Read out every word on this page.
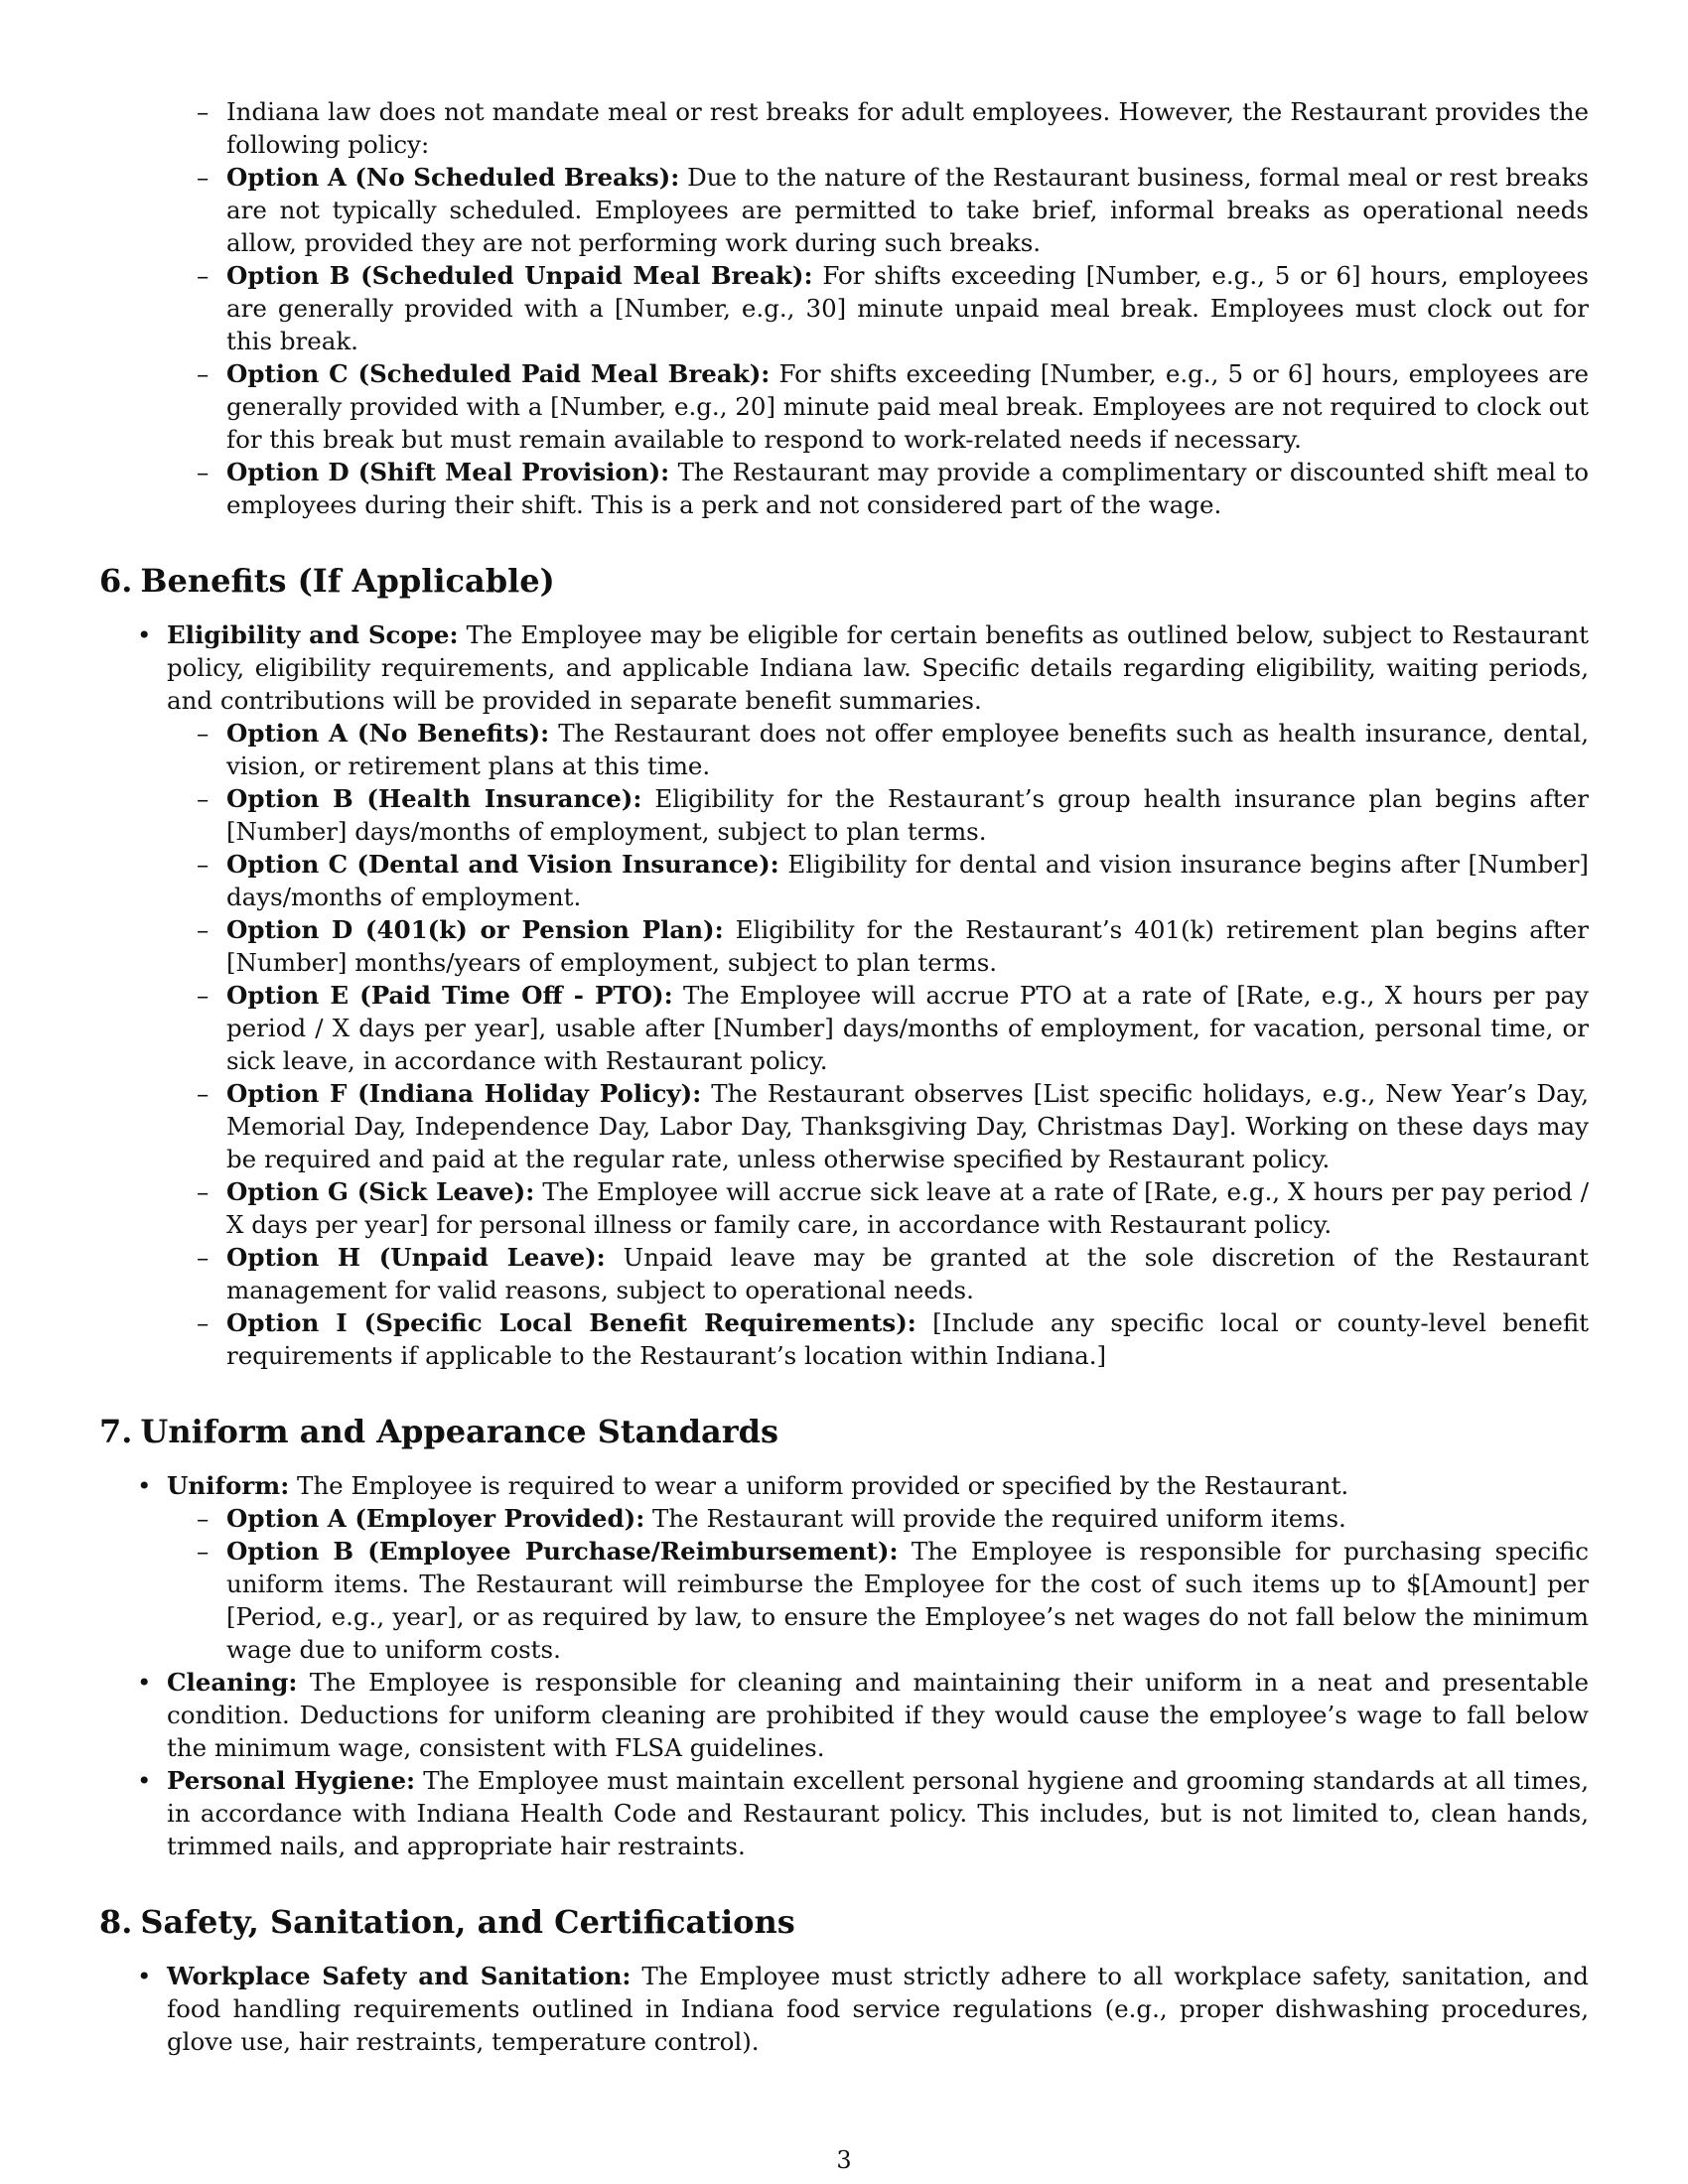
– Indiana law does not mandate meal or rest breaks for adult employees. However, the Restaurant provides the following policy:

– Option A (No Scheduled Breaks): Due to the nature of the Restaurant business, formal meal or rest breaks are not typically scheduled. Employees are permitted to take brief, informal breaks as operational needs allow, provided they are not performing work during such breaks.

– Option B (Scheduled Unpaid Meal Break): For shifts exceeding [Number, e.g., 5 or 6] hours, employees are generally provided with a [Number, e.g., 30] minute unpaid meal break. Employees must clock out for this break.

– Option C (Scheduled Paid Meal Break): For shifts exceeding [Number, e.g., 5 or 6] hours, employees are generally provided with a [Number, e.g., 20] minute paid meal break. Employees are not required to clock out for this break but must remain available to respond to work-related needs if necessary.

– Option D (Shift Meal Provision): The Restaurant may provide a complimentary or discounted shift meal to employees during their shift. This is a perk and not considered part of the wage.

6. Benefits (If Applicable)

• Eligibility and Scope: The Employee may be eligible for certain benefits as outlined below, subject to Restaurant policy, eligibility requirements, and applicable Indiana law. Specific details regarding eligibility, waiting periods, and contributions will be provided in separate benefit summaries.

– Option A (No Benefits): The Restaurant does not offer employee benefits such as health insurance, dental, vision, or retirement plans at this time.

– Option B (Health Insurance): Eligibility for the Restaurant’s group health insurance plan begins after [Number] days/months of employment, subject to plan terms.

– Option C (Dental and Vision Insurance): Eligibility for dental and vision insurance begins after [Number] days/months of employment.

– Option D (401(k) or Pension Plan): Eligibility for the Restaurant’s 401(k) retirement plan begins after [Number] months/years of employment, subject to plan terms.

– Option E (Paid Time Off - PTO): The Employee will accrue PTO at a rate of [Rate, e.g., X hours per pay period / X days per year], usable after [Number] days/months of employment, for vacation, personal time, or sick leave, in accordance with Restaurant policy.

– Option F (Indiana Holiday Policy): The Restaurant observes [List specific holidays, e.g., New Year’s Day, Memorial Day, Independence Day, Labor Day, Thanksgiving Day, Christmas Day]. Working on these days may be required and paid at the regular rate, unless otherwise specified by Restaurant policy.

– Option G (Sick Leave): The Employee will accrue sick leave at a rate of [Rate, e.g., X hours per pay period / X days per year] for personal illness or family care, in accordance with Restaurant policy.

– Option H (Unpaid Leave): Unpaid leave may be granted at the sole discretion of the Restaurant management for valid reasons, subject to operational needs.

– Option I (Specific Local Benefit Requirements): [Include any specific local or county-level benefit requirements if applicable to the Restaurant’s location within Indiana.]

7. Uniform and Appearance Standards

• Uniform: The Employee is required to wear a uniform provided or specified by the Restaurant.

– Option A (Employer Provided): The Restaurant will provide the required uniform items.

– Option B (Employee Purchase/Reimbursement): The Employee is responsible for purchasing specific uniform items. The Restaurant will reimburse the Employee for the cost of such items up to $[Amount] per [Period, e.g., year], or as required by law, to ensure the Employee’s net wages do not fall below the minimum wage due to uniform costs.

• Cleaning: The Employee is responsible for cleaning and maintaining their uniform in a neat and presentable condition. Deductions for uniform cleaning are prohibited if they would cause the employee’s wage to fall below the minimum wage, consistent with FLSA guidelines.

• Personal Hygiene: The Employee must maintain excellent personal hygiene and grooming standards at all times, in accordance with Indiana Health Code and Restaurant policy. This includes, but is not limited to, clean hands, trimmed nails, and appropriate hair restraints.

8. Safety, Sanitation, and Certifications

• Workplace Safety and Sanitation: The Employee must strictly adhere to all workplace safety, sanitation, and food handling requirements outlined in Indiana food service regulations (e.g., proper dishwashing procedures, glove use, hair restraints, temperature control).

3
